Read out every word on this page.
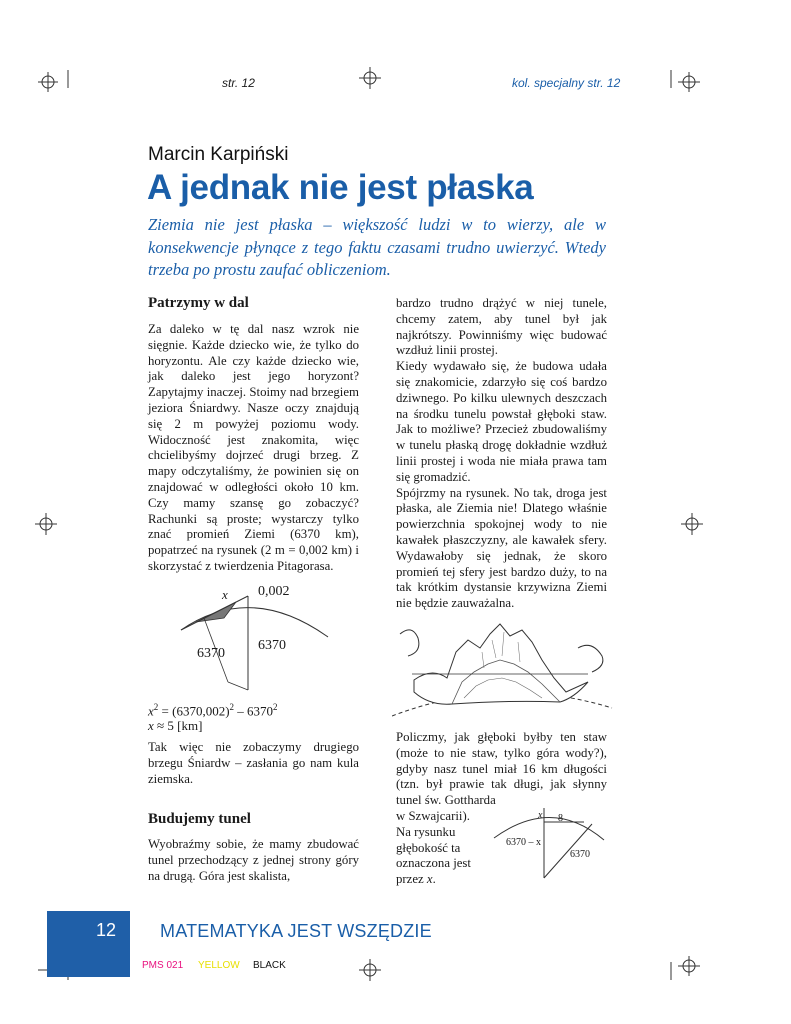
str. 12	kol. specjalny str. 12
Marcin Karpiński
A jednak nie jest płaska
Ziemia nie jest płaska – większość ludzi w to wierzy, ale w konsekwencje płynące z tego faktu czasami trudno uwierzyć. Wtedy trzeba po prostu zaufać obliczeniom.
Patrzymy w dal
Za daleko w tę dal nasz wzrok nie sięgnie. Każde dziecko wie, że tylko do horyzontu. Ale czy każde dziecko wie, jak daleko jest jego horyzont? Zapytajmy inaczej. Stoimy nad brzegiem jeziora Śniardwy. Nasze oczy znajdują się 2 m powyżej poziomu wody. Widoczność jest znakomita, więc chcielibyśmy dojrzeć drugi brzeg. Z mapy odczytaliśmy, że powinien się on znajdować w odległości około 10 km. Czy mamy szansę go zobaczyć? Rachunki są proste; wystarczy tylko znać promień Ziemi (6370 km), popatrzeć na rysunek (2 m = 0,002 km) i skorzystać z twierdzenia Pitagorasa.
x 0,002
6370
6370
$x^2 = (6370,002)^2 - 6370^2$
x ≈ 5 [km]
Tak więc nie zobaczymy drugiego brzegu Śniardw – zasłania go nam kula ziemska.
Budujemy tunel
Wyobraźmy sobie, że mamy zbudować tunel przechodzący z jednej strony góry na drugą. Góra jest skalista,

bardzo trudno drążyć w niej tunele, chcemy zatem, aby tunel był jak najkrótszy. Powinniśmy więc budować wzdłuż linii prostej.

Kiedy wydawało się, że budowa udała się znakomicie, zdarzyło się coś bardzo dziwnego. Po kilku ulewnych deszczach na środku tunelu powstał głęboki staw. Jak to możliwe? Przecież zbudowaliśmy w tunelu płaską drogę dokładnie wzdłuż linii prostej i woda nie miała prawa tam się gromadzić.

Spójrzmy na rysunek. No tak, droga jest płaska, ale Ziemia nie! Dlatego właśnie powierzchnia spokojnej wody to nie kawałek płaszczyzny, ale kawałek sfery. Wydawałoby się jednak, że skoro promień tej sfery jest bardzo duży, to na tak krótkim dystansie krzywizna Ziemi nie będzie zauważalna.

Policzmy, jak głęboki byłby ten staw (może to nie staw, tylko góra wody?), gdyby nasz tunel miał 16 km długości (tzn. był prawie tak długi, jak słynny tunel św. Gottharda
w Szwajcarii).
Na rysunku
głębokość ta
oznaczona jest
przez x.
x 8
6370 – x
6370
12 MATEMATYKA JEST WSZĘDZIE
PMS 021 YELLOW BLACK
